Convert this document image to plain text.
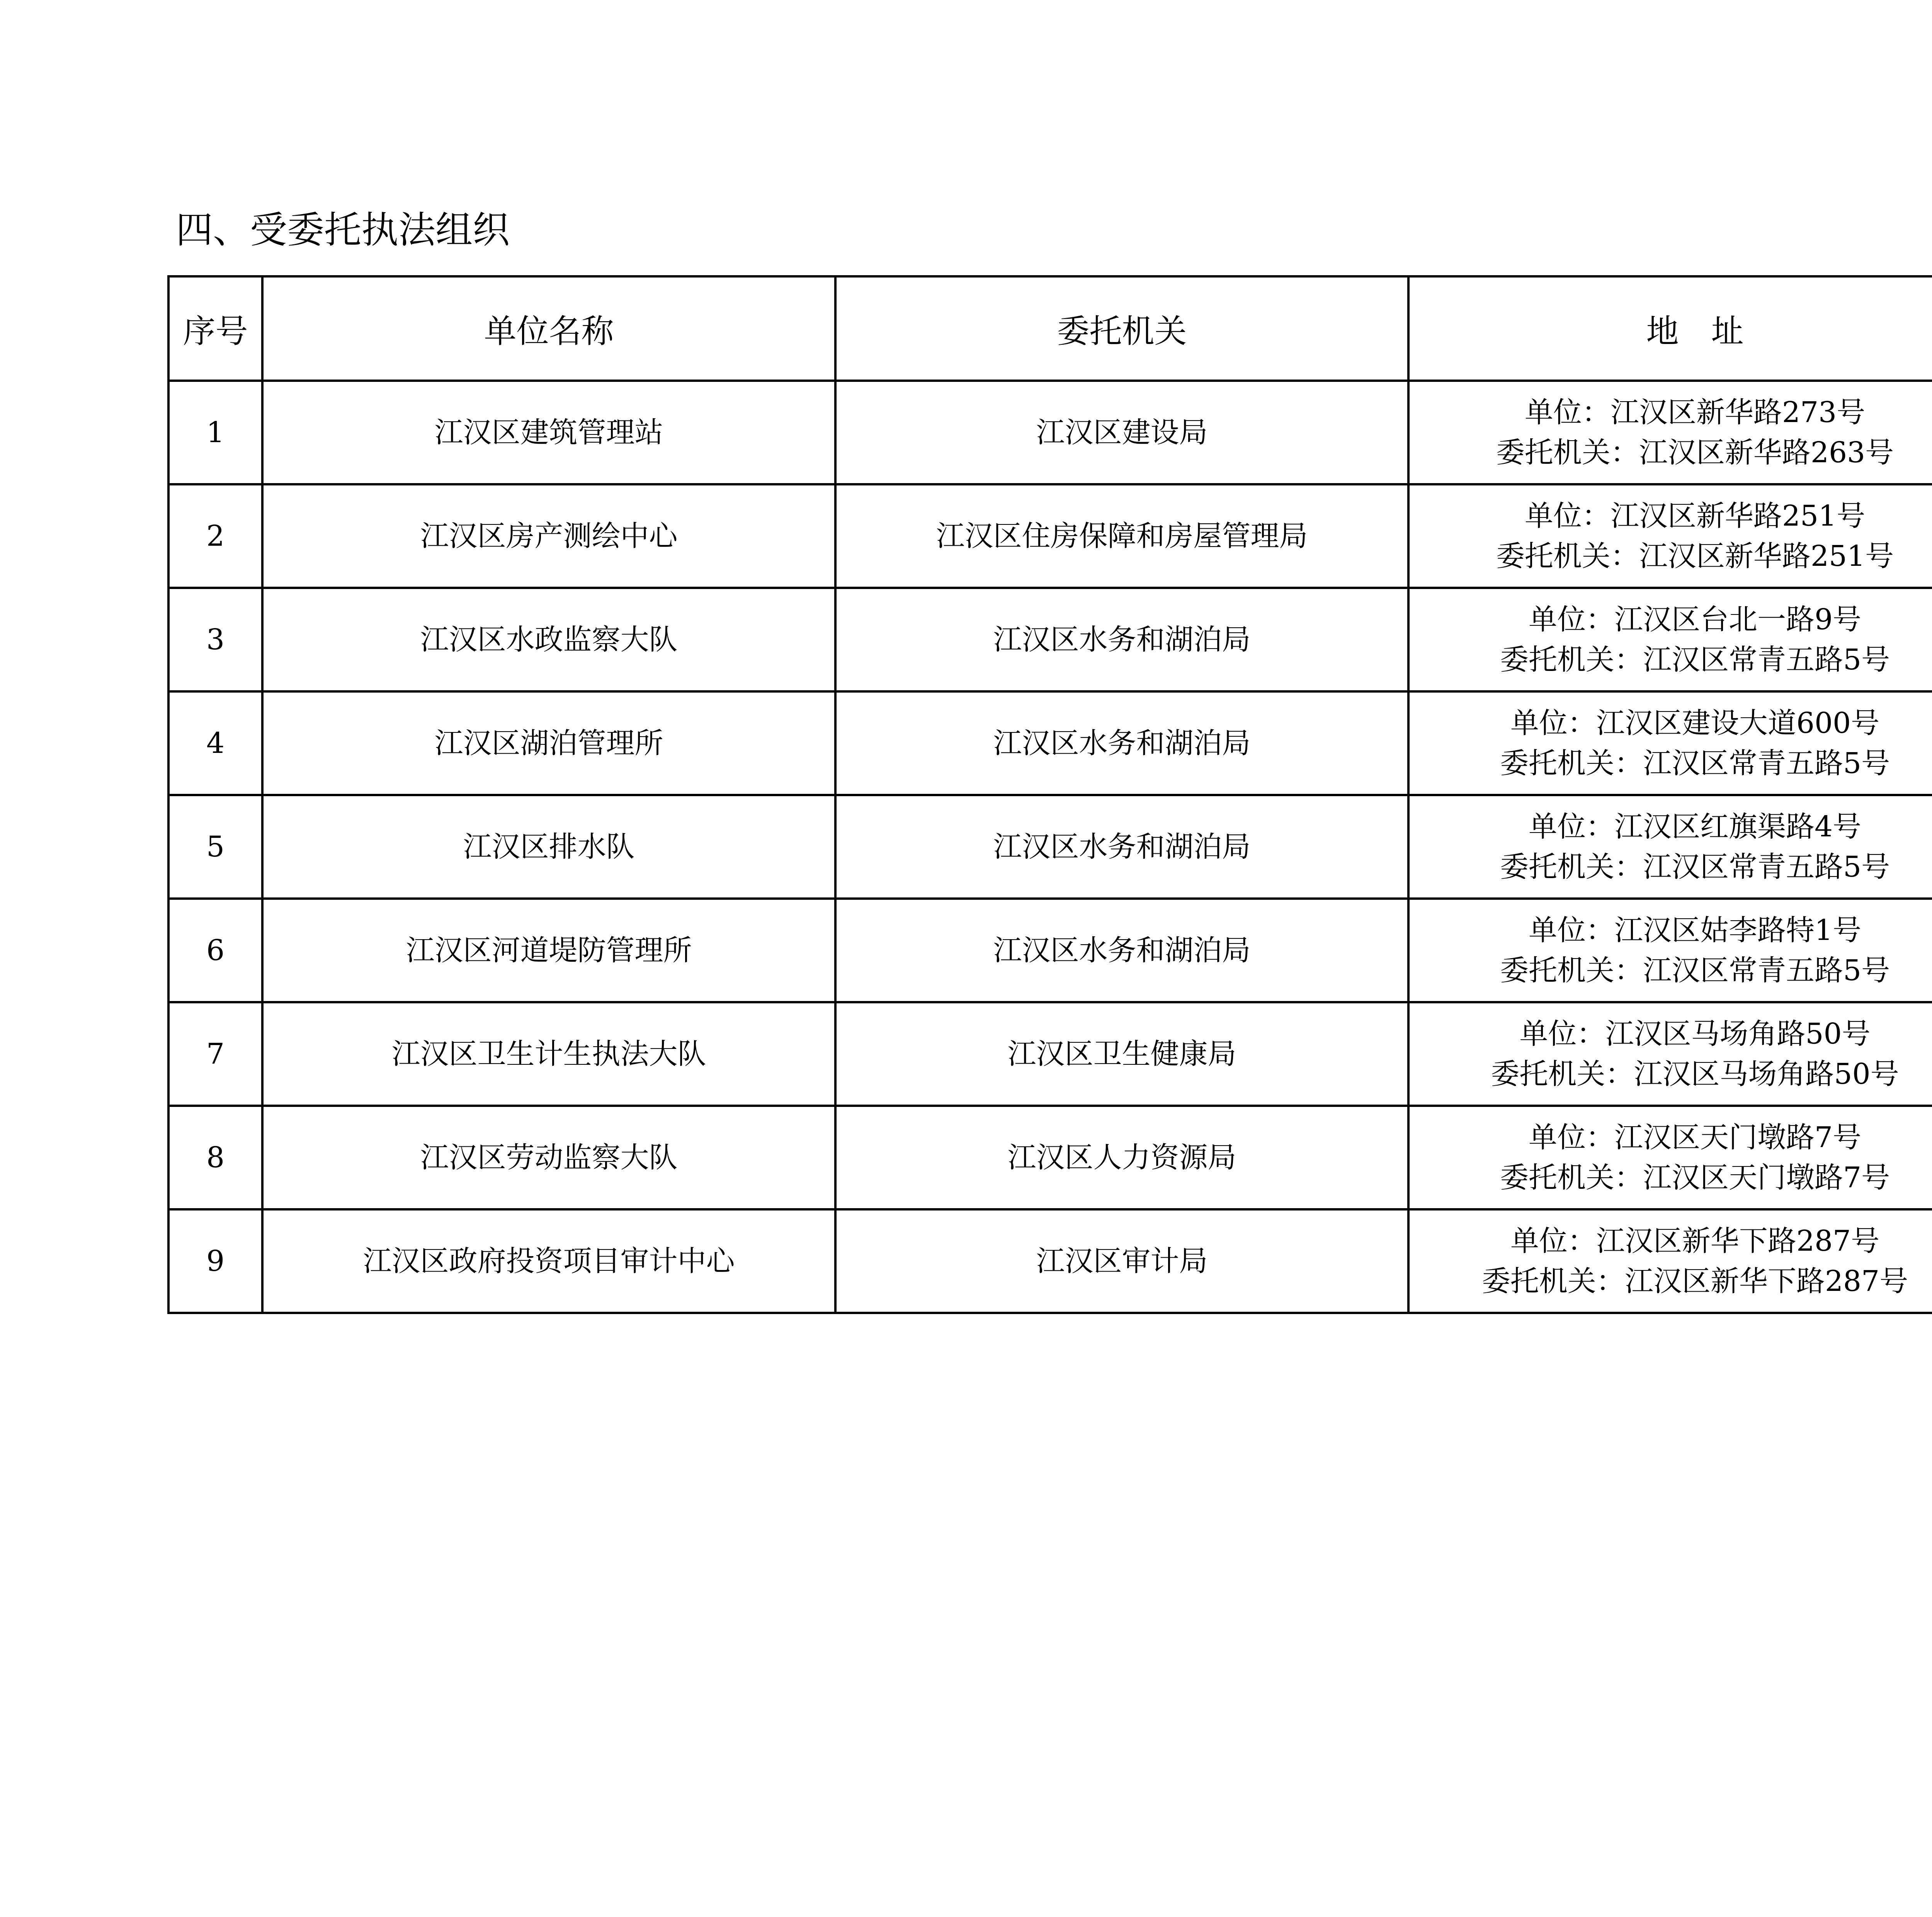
四、受委托执法组织
序号	单位名称	委托机关	地　址	
1	江汉区建筑管理站	江汉区建设局	单位：江汉区新华路273号
委托机关：江汉区新华路263号

2	江汉区房产测绘中心	江汉区住房保障和房屋管理局	单位：江汉区新华路251号
委托机关：江汉区新华路251号

3	江汉区水政监察大队	江汉区水务和湖泊局	单位：江汉区台北一路9号
委托机关：江汉区常青五路5号

4	江汉区湖泊管理所	江汉区水务和湖泊局	单位：江汉区建设大道600号
委托机关：江汉区常青五路5号

5	江汉区排水队	江汉区水务和湖泊局	单位：江汉区红旗渠路4号
委托机关：江汉区常青五路5号

6	江汉区河道堤防管理所	江汉区水务和湖泊局	单位：江汉区姑李路特1号
委托机关：江汉区常青五路5号

7	江汉区卫生计生执法大队	江汉区卫生健康局	单位：江汉区马场角路50号
委托机关：江汉区马场角路50号

8	江汉区劳动监察大队	江汉区人力资源局	单位：江汉区天门墩路7号
委托机关：江汉区天门墩路7号

9	江汉区政府投资项目审计中心	江汉区审计局	单位：江汉区新华下路287号
委托机关：江汉区新华下路287号
